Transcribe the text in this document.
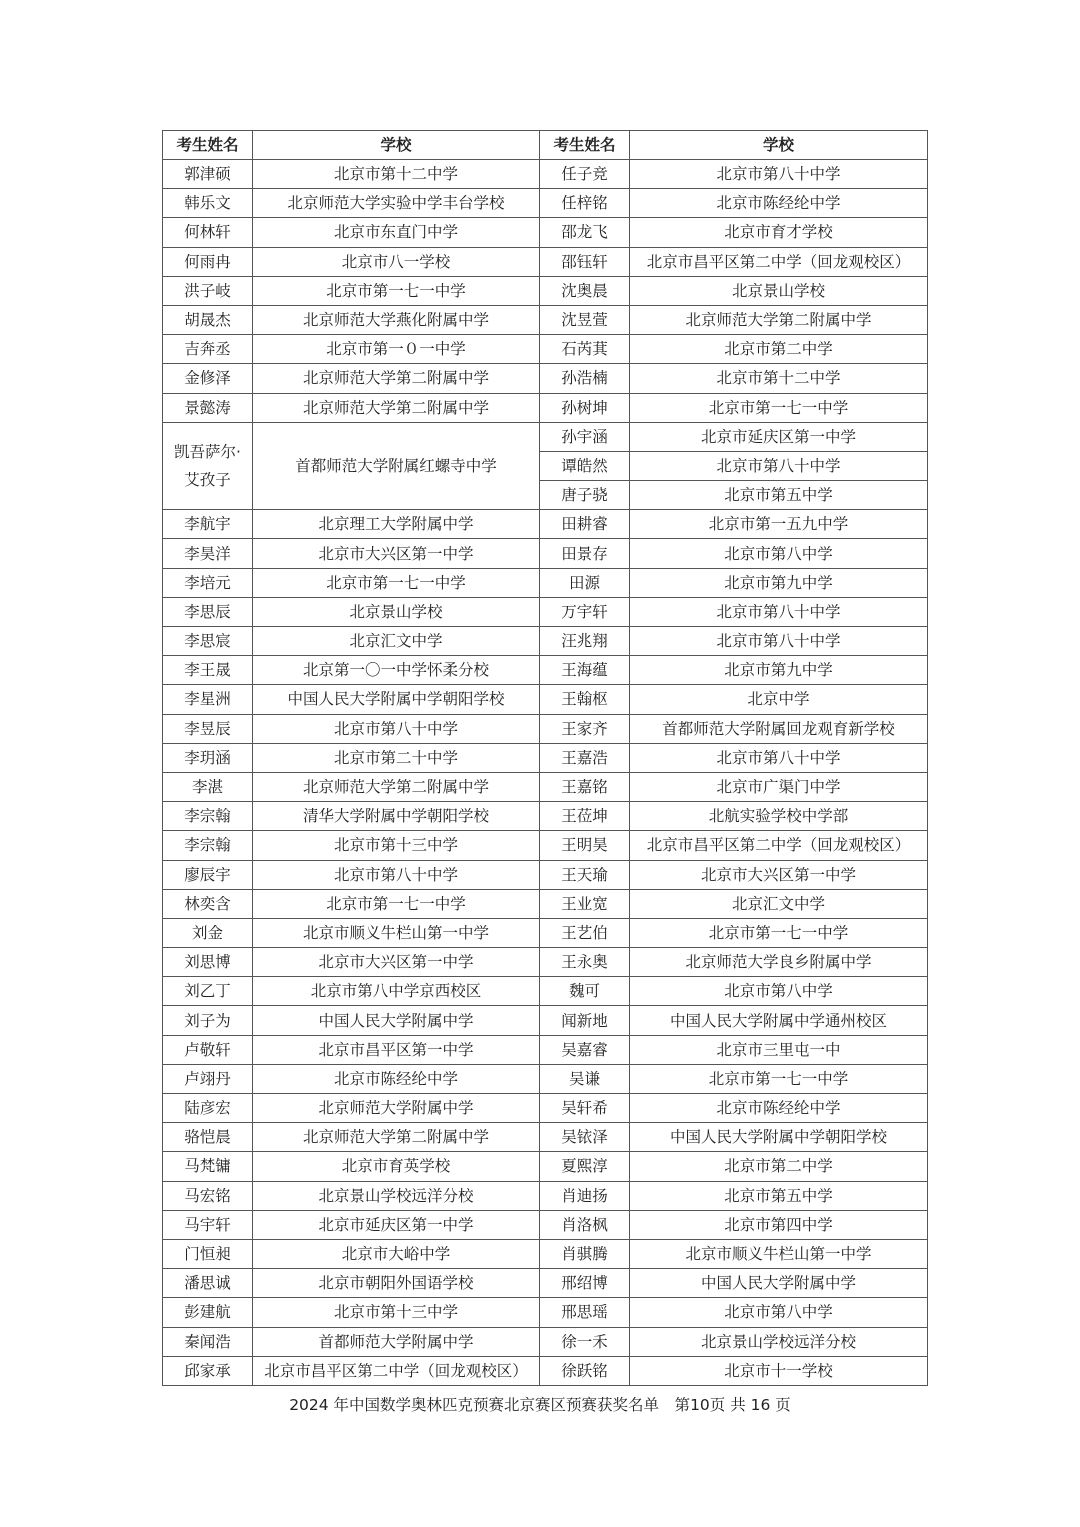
考生姓名	学校	考生姓名	学校
郭津硕	北京市第十二中学	任子竞	北京市第八十中学
韩乐文	北京师范大学实验中学丰台学校	任梓铭	北京市陈经纶中学
何林轩	北京市东直门中学	邵龙飞	北京市育才学校
何雨冉	北京市八一学校	邵钰轩	北京市昌平区第二中学（回龙观校区）
洪子岐	北京市第一七一中学	沈奥晨	北京景山学校
胡晟杰	北京师范大学燕化附属中学	沈昱萱	北京师范大学第二附属中学
吉奔丞	北京市第一０一中学	石芮萁	北京市第二中学
金修泽	北京师范大学第二附属中学	孙浩楠	北京市第十二中学
景懿涛	北京师范大学第二附属中学	孙树坤	北京市第一七一中学
凯吾萨尔·艾孜子	首都师范大学附属红螺寺中学	孙宇涵	北京市延庆区第一中学
		谭皓然	北京市第八十中学
		唐子骁	北京市第五中学
李航宇	北京理工大学附属中学	田耕睿	北京市第一五九中学
李昊洋	北京市大兴区第一中学	田景存	北京市第八中学
李培元	北京市第一七一中学	田源	北京市第九中学
李思辰	北京景山学校	万宇轩	北京市第八十中学
李思宸	北京汇文中学	汪兆翔	北京市第八十中学
李王晟	北京第一〇一中学怀柔分校	王海蕴	北京市第九中学
李星洲	中国人民大学附属中学朝阳学校	王翰枢	北京中学
李昱辰	北京市第八十中学	王家齐	首都师范大学附属回龙观育新学校
李玥涵	北京市第二十中学	王嘉浩	北京市第八十中学
李湛	北京师范大学第二附属中学	王嘉铭	北京市广渠门中学
李宗翰	清华大学附属中学朝阳学校	王莅坤	北航实验学校中学部
李宗翰	北京市第十三中学	王明昊	北京市昌平区第二中学（回龙观校区）
廖辰宇	北京市第八十中学	王天瑜	北京市大兴区第一中学
林奕含	北京市第一七一中学	王业宽	北京汇文中学
刘金	北京市顺义牛栏山第一中学	王艺伯	北京市第一七一中学
刘思博	北京市大兴区第一中学	王永奥	北京师范大学良乡附属中学
刘乙丁	北京市第八中学京西校区	魏可	北京市第八中学
刘子为	中国人民大学附属中学	闻新地	中国人民大学附属中学通州校区
卢敬轩	北京市昌平区第一中学	吴嘉睿	北京市三里屯一中
卢翊丹	北京市陈经纶中学	吴谦	北京市第一七一中学
陆彦宏	北京师范大学附属中学	吴轩希	北京市陈经纶中学
骆恺晨	北京师范大学第二附属中学	吴铱泽	中国人民大学附属中学朝阳学校
马梵镛	北京市育英学校	夏熙淳	北京市第二中学
马宏铭	北京景山学校远洋分校	肖迪扬	北京市第五中学
马宇轩	北京市延庆区第一中学	肖洛枫	北京市第四中学
门恒昶	北京市大峪中学	肖骐腾	北京市顺义牛栏山第一中学
潘思诚	北京市朝阳外国语学校	邢绍博	中国人民大学附属中学
彭建航	北京市第十三中学	邢思瑶	北京市第八中学
秦闻浩	首都师范大学附属中学	徐一禾	北京景山学校远洋分校
邱家承	北京市昌平区第二中学（回龙观校区）	徐跃铭	北京市十一学校
2024 年中国数学奥林匹克预赛北京赛区预赛获奖名单　第10页 共 16 页
